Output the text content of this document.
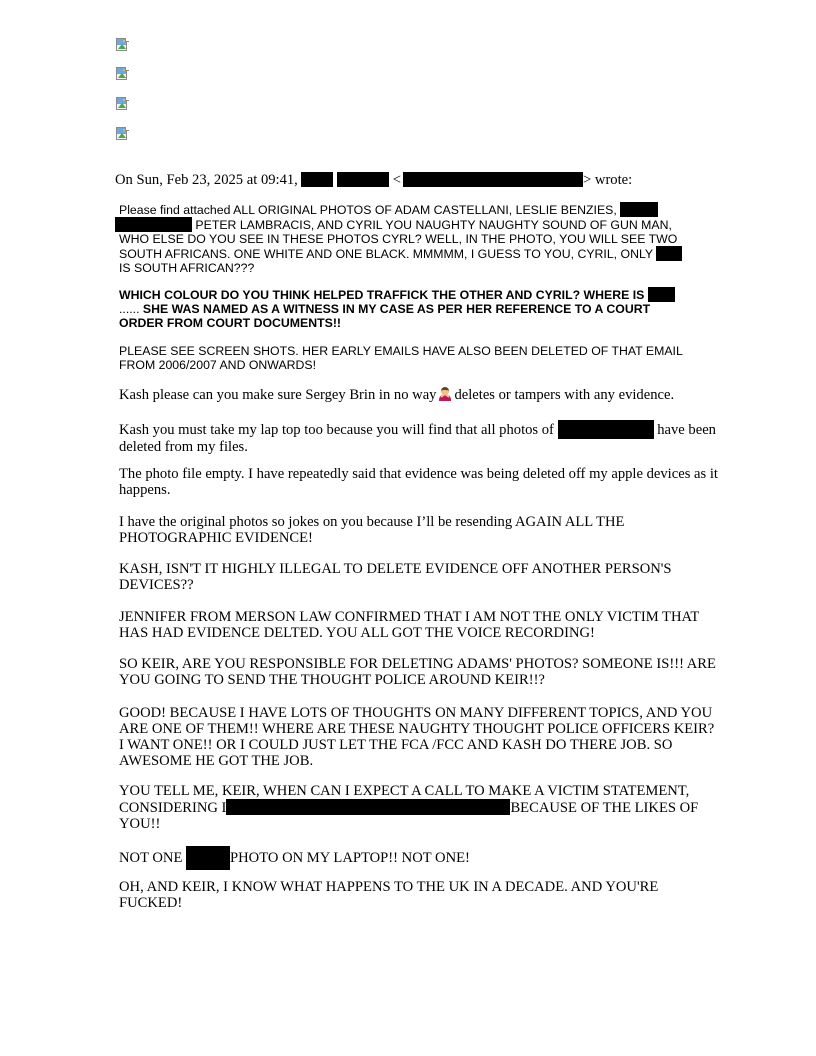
On Sun, Feb 23, 2025 at 09:41,	<	> wrote:
Please find attached ALL ORIGINAL PHOTOS OF ADAM CASTELLANI, LESLIE BENZIES,
PETER LAMBRACIS, AND CYRIL YOU NAUGHTY NAUGHTY SOUND OF GUN MAN,
WHO ELSE DO YOU SEE IN THESE PHOTOS CYRL? WELL, IN THE PHOTO, YOU WILL SEE TWO
SOUTH AFRICANS. ONE WHITE AND ONE BLACK. MMMMM, I GUESS TO YOU, CYRIL, ONLY
IS SOUTH AFRICAN???
WHICH COLOUR DO YOU THINK HELPED TRAFFICK THE OTHER AND CYRIL? WHERE IS
...... SHE WAS NAMED AS A WITNESS IN MY CASE AS PER HER REFERENCE TO A COURT
ORDER FROM COURT DOCUMENTS!!
PLEASE SEE SCREEN SHOTS. HER EARLY EMAILS HAVE ALSO BEEN DELETED OF THAT EMAIL
FROM 2006/2007 AND ONWARDS!
Kash please can you make sure Sergey Brin in no way deletes or tampers with any evidence.
Kash you must take my lap top too because you will find that all photos of	have been
deleted from my files.
The photo file empty. I have repeatedly said that evidence was being deleted off my apple devices as it
happens.
I have the original photos so jokes on you because I’ll be resending AGAIN ALL THE
PHOTOGRAPHIC EVIDENCE!
KASH, ISN'T IT HIGHLY ILLEGAL TO DELETE EVIDENCE OFF ANOTHER PERSON'S
DEVICES??
JENNIFER FROM MERSON LAW CONFIRMED THAT I AM NOT THE ONLY VICTIM THAT
HAS HAD EVIDENCE DELTED. YOU ALL GOT THE VOICE RECORDING!
SO KEIR, ARE YOU RESPONSIBLE FOR DELETING ADAMS' PHOTOS? SOMEONE IS!!! ARE
YOU GOING TO SEND THE THOUGHT POLICE AROUND KEIR!!?
GOOD! BECAUSE I HAVE LOTS OF THOUGHTS ON MANY DIFFERENT TOPICS, AND YOU
ARE ONE OF THEM!! WHERE ARE THESE NAUGHTY THOUGHT POLICE OFFICERS KEIR?
I WANT ONE!! OR I COULD JUST LET THE FCA /FCC AND KASH DO THERE JOB. SO
AWESOME HE GOT THE JOB.
YOU TELL ME, KEIR, WHEN CAN I EXPECT A CALL TO MAKE A VICTIM STATEMENT,
CONSIDERING I	BECAUSE OF THE LIKES OF
YOU!!
NOT ONE	PHOTO ON MY LAPTOP!! NOT ONE!
OH, AND KEIR, I KNOW WHAT HAPPENS TO THE UK IN A DECADE. AND YOU'RE
FUCKED!
